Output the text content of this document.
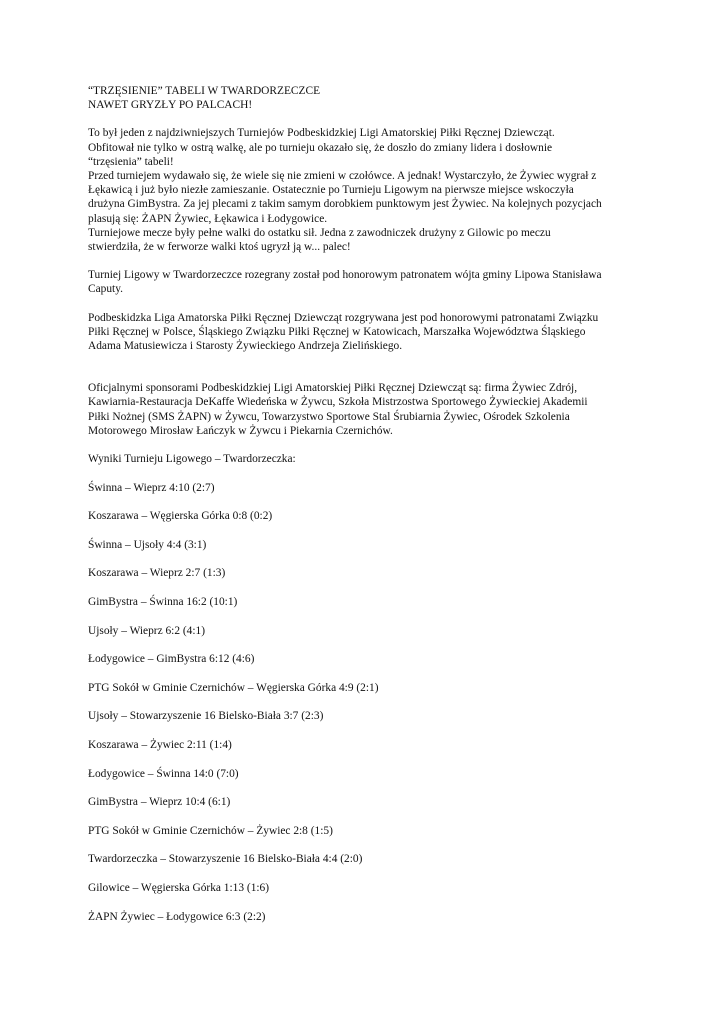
“TRZĘSIENIE” TABELI W TWARDORZECZCE
NAWET GRYZŁY PO PALCACH!
To był jeden z najdziwniejszych Turniejów Podbeskidzkiej Ligi Amatorskiej Piłki Ręcznej Dziewcząt.
Obfitował nie tylko w ostrą walkę, ale po turnieju okazało się, że doszło do zmiany lidera i dosłownie
“trzęsienia” tabeli!
Przed turniejem wydawało się, że wiele się nie zmieni w czołówce. A jednak! Wystarczyło, że Żywiec wygrał z
Łękawicą i już było niezłe zamieszanie. Ostatecznie po Turnieju Ligowym na pierwsze miejsce wskoczyła
drużyna GimBystra. Za jej plecami z takim samym dorobkiem punktowym jest Żywiec. Na kolejnych pozycjach
plasują się: ŻAPN Żywiec, Łękawica i Łodygowice.
Turniejowe mecze były pełne walki do ostatku sił. Jedna z zawodniczek drużyny z Gilowic po meczu
stwierdziła, że w ferworze walki ktoś ugryzł ją w... palec!
Turniej Ligowy w Twardorzeczce rozegrany został pod honorowym patronatem wójta gminy Lipowa Stanisława
Caputy.
Podbeskidzka Liga Amatorska Piłki Ręcznej Dziewcząt rozgrywana jest pod honorowymi patronatami Związku
Piłki Ręcznej w Polsce, Śląskiego Związku Piłki Ręcznej w Katowicach, Marszałka Województwa Śląskiego
Adama Matusiewicza i Starosty Żywieckiego Andrzeja Zielińskiego.
Oficjalnymi sponsorami Podbeskidzkiej Ligi Amatorskiej Piłki Ręcznej Dziewcząt są: firma Żywiec Zdrój,
Kawiarnia-Restauracja DeKaffe Wiedeńska w Żywcu, Szkoła Mistrzostwa Sportowego Żywieckiej Akademii
Piłki Nożnej (SMS ŻAPN) w Żywcu, Towarzystwo Sportowe Stal Śrubiarnia Żywiec, Ośrodek Szkolenia
Motorowego Mirosław Łańczyk w Żywcu i Piekarnia Czernichów.
Wyniki Turnieju Ligowego – Twardorzeczka:
Świnna – Wieprz 4:10 (2:7)
Koszarawa – Węgierska Górka 0:8 (0:2)
Świnna – Ujsoły 4:4 (3:1)
Koszarawa – Wieprz 2:7 (1:3)
GimBystra – Świnna 16:2 (10:1)
Ujsoły – Wieprz 6:2 (4:1)
Łodygowice – GimBystra 6:12 (4:6)
PTG Sokół w Gminie Czernichów – Węgierska Górka 4:9 (2:1)
Ujsoły – Stowarzyszenie 16 Bielsko-Biała 3:7 (2:3)
Koszarawa – Żywiec 2:11 (1:4)
Łodygowice – Świnna 14:0 (7:0)
GimBystra – Wieprz 10:4 (6:1)
PTG Sokół w Gminie Czernichów – Żywiec 2:8 (1:5)
Twardorzeczka – Stowarzyszenie 16 Bielsko-Biała 4:4 (2:0)
Gilowice – Węgierska Górka 1:13 (1:6)
ŻAPN Żywiec – Łodygowice 6:3 (2:2)
